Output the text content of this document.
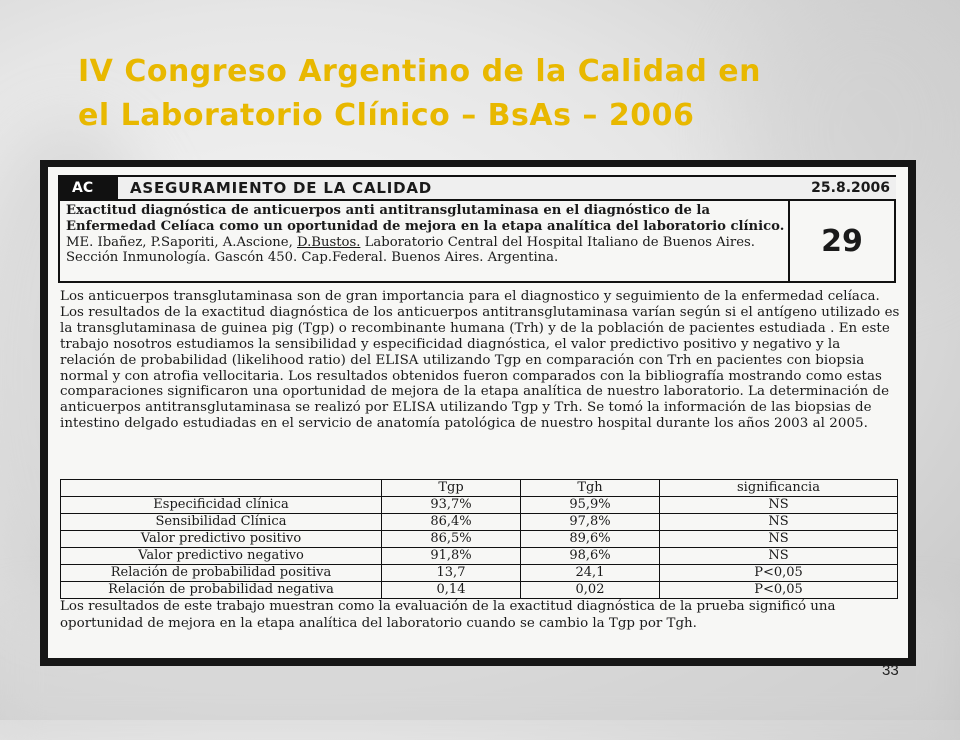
IV Congreso Argentino de la Calidad en
el Laboratorio Clínico – BsAs – 2006
AC	ASEGURAMIENTO DE LA CALIDAD	25.8.2006
Exactitud diagnóstica de anticuerpos anti antitransglutaminasa en el diagnóstico de la Enfermedad Celíaca como un oportunidad de mejora en la etapa analítica del laboratorio clínico. ME. Ibañez, P.Saporiti, A.Ascione, D.Bustos. Laboratorio Central del Hospital Italiano de Buenos Aires. Sección Inmunología. Gascón 450. Cap.Federal. Buenos Aires. Argentina.	29
Los anticuerpos transglutaminasa son de gran importancia para el diagnostico y seguimiento de la enfermedad celíaca. Los resultados de la exactitud diagnóstica de los anticuerpos antitransglutaminasa varían según si el antígeno utilizado es la transglutaminasa de guinea pig (Tgp) o recombinante humana (Trh) y de la población de pacientes estudiada . En este trabajo nosotros estudiamos la sensibilidad y especificidad diagnóstica, el valor predictivo positivo y negativo y la relación de probabilidad (likelihood ratio) del ELISA utilizando Tgp en comparación con Trh en pacientes con biopsia normal y con atrofia vellocitaria. Los resultados obtenidos fueron comparados con la bibliografía mostrando como estas comparaciones significaron una oportunidad de mejora de la etapa analítica de nuestro laboratorio. La determinación de anticuerpos antitransglutaminasa se realizó por ELISA utilizando Tgp y Trh. Se tomó la información de las biopsias de intestino delgado estudiadas en el servicio de anatomía patológica de nuestro hospital durante los años 2003 al 2005.
	Tgp	Tgh	significancia
Especificidad clínica	93,7%	95,9%	NS
Sensibilidad Clínica	86,4%	97,8%	NS
Valor predictivo positivo	86,5%	89,6%	NS
Valor predictivo negativo	91,8%	98,6%	NS
Relación de probabilidad positiva	13,7	24,1	P<0,05
Relación de probabilidad negativa	0,14	0,02	P<0,05
Los resultados de este trabajo muestran como la evaluación de la exactitud diagnóstica de la prueba significó una oportunidad de mejora en la etapa analítica del laboratorio cuando se cambio la Tgp por Tgh.
33
